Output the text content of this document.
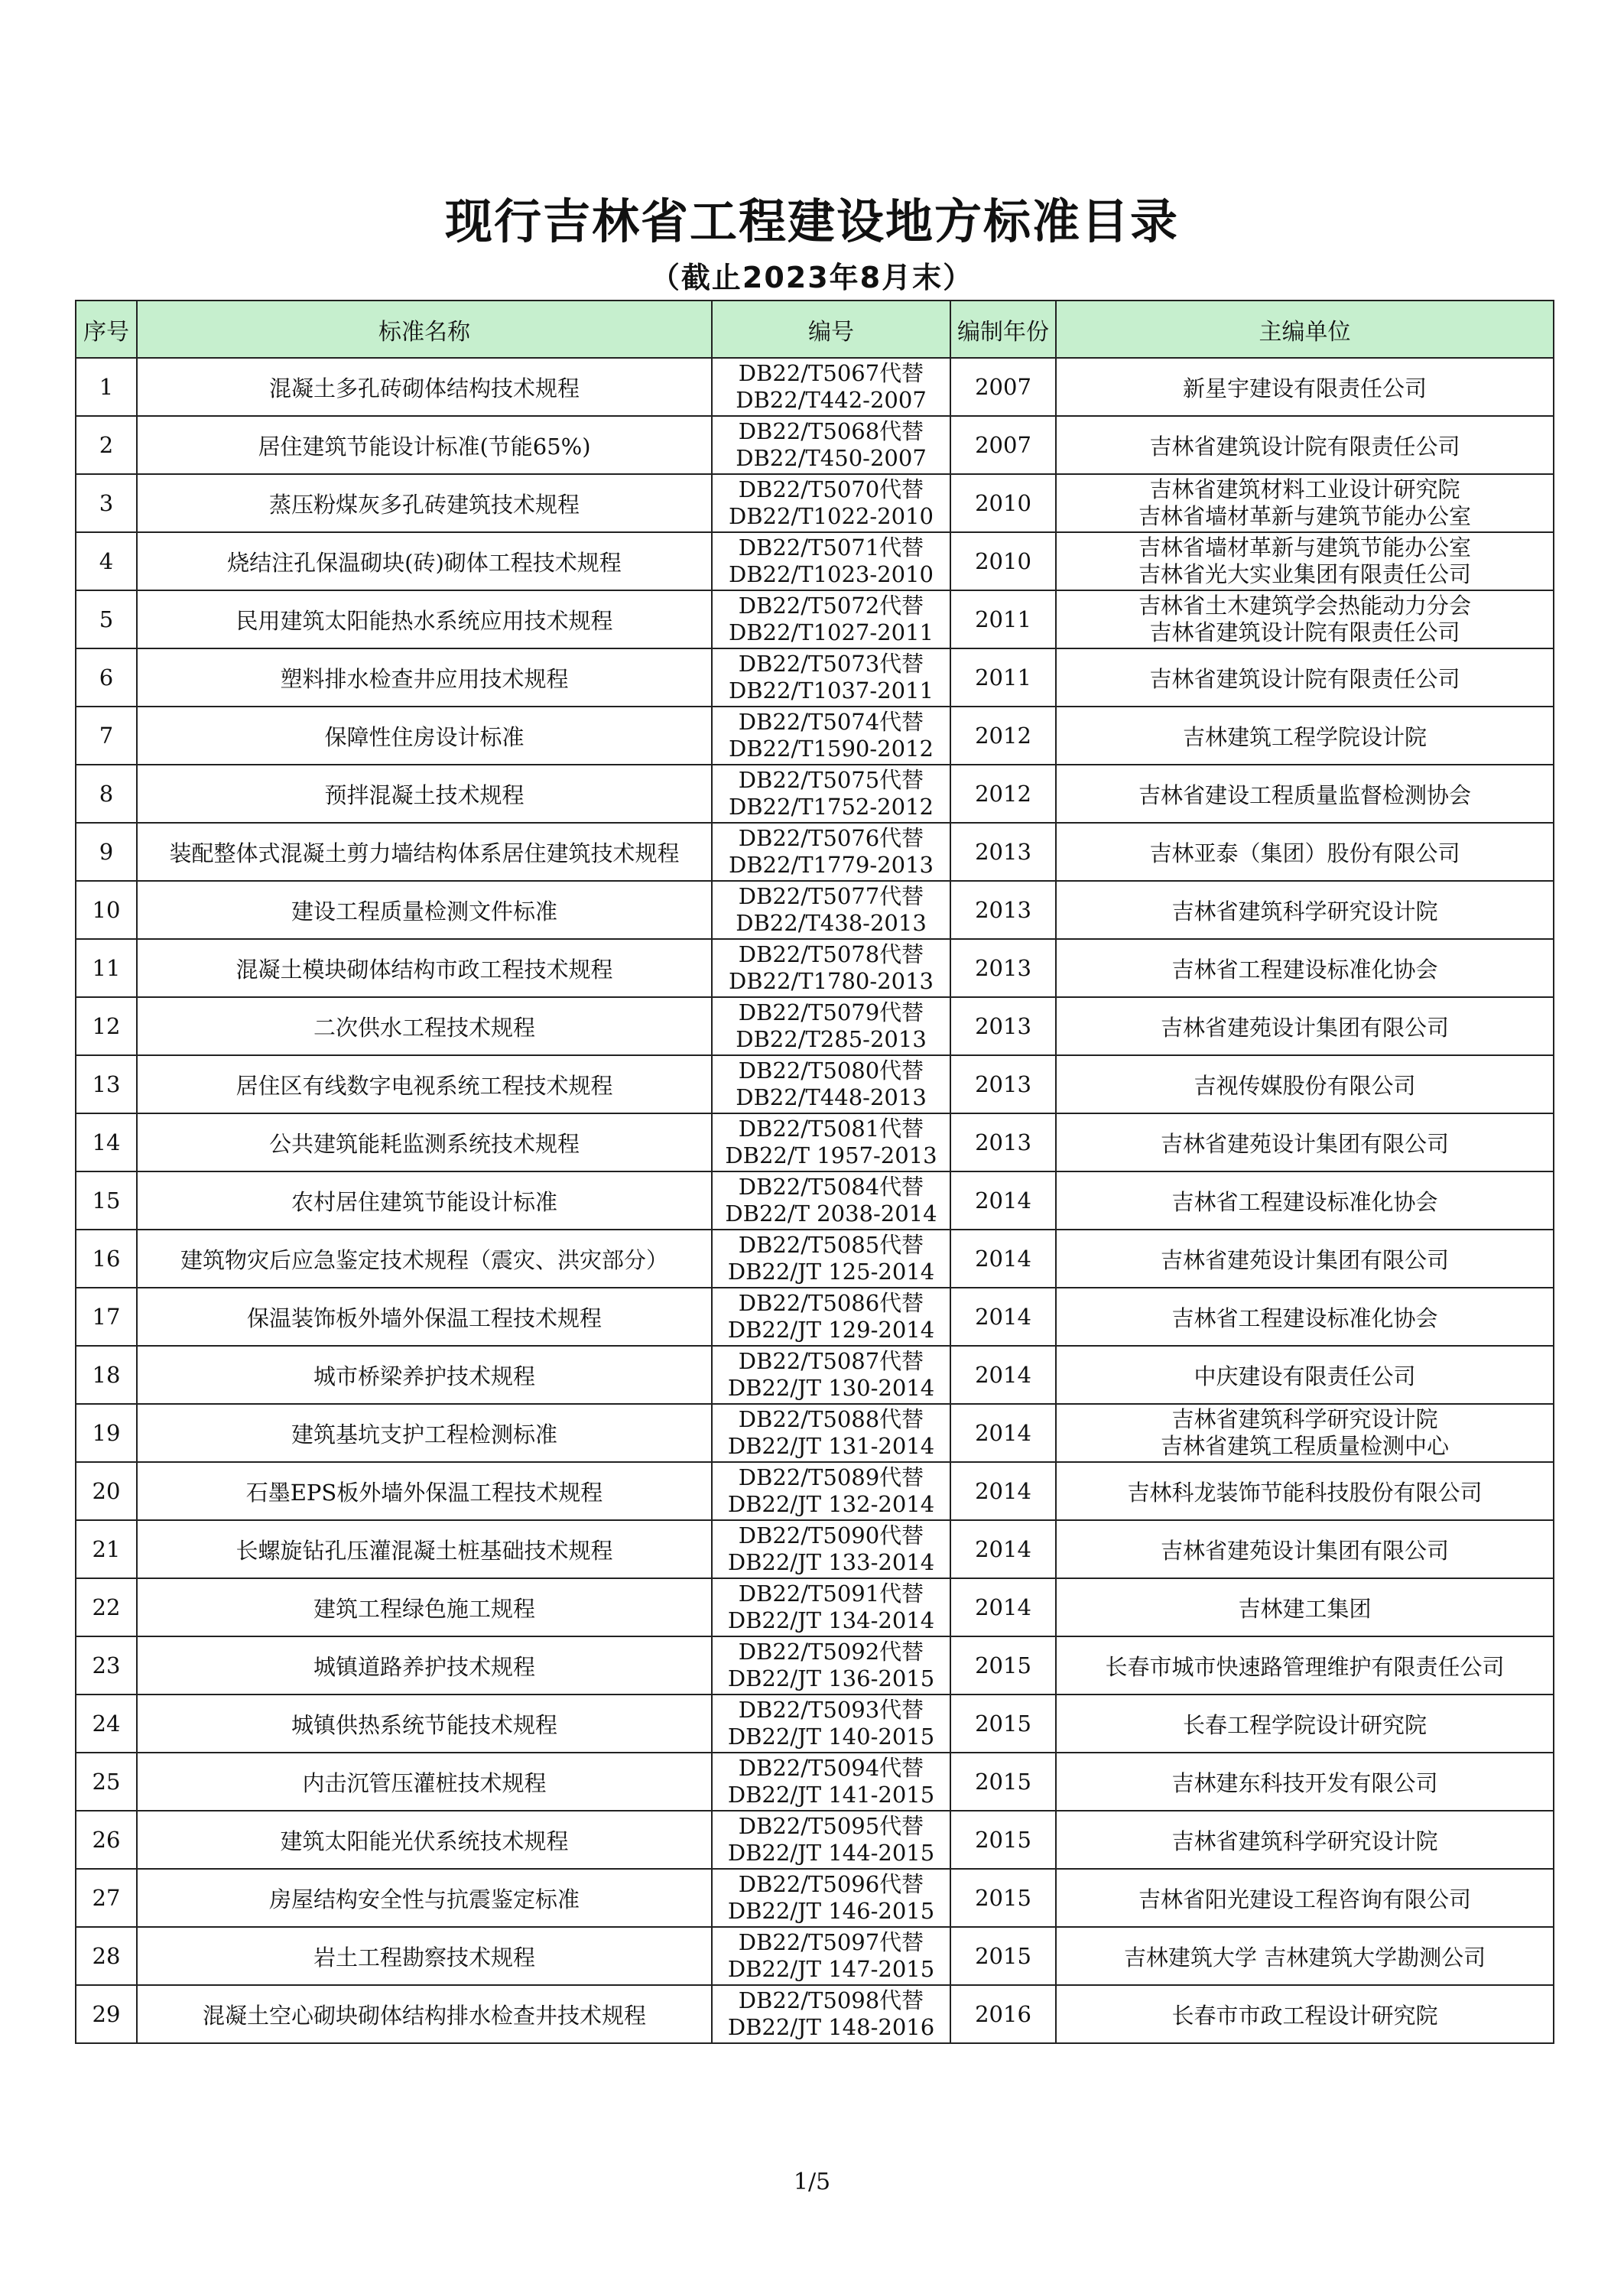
现行吉林省工程建设地方标准目录
（截止2023年8月末）
序号	标准名称	编号	编制年份	主编单位
1	混凝土多孔砖砌体结构技术规程	DB22/T5067代替
DB22/T442-2007	2007	新星宇建设有限责任公司

2	居住建筑节能设计标准(节能65%)	DB22/T5068代替
DB22/T450-2007	2007	吉林省建筑设计院有限责任公司

3	蒸压粉煤灰多孔砖建筑技术规程	DB22/T5070代替
DB22/T1022-2010	2010	吉林省建筑材料工业设计研究院
吉林省墙材革新与建筑节能办公室

4	烧结注孔保温砌块(砖)砌体工程技术规程	DB22/T5071代替
DB22/T1023-2010	2010	吉林省墙材革新与建筑节能办公室
吉林省光大实业集团有限责任公司

5	民用建筑太阳能热水系统应用技术规程	DB22/T5072代替
DB22/T1027-2011	2011	吉林省土木建筑学会热能动力分会
吉林省建筑设计院有限责任公司

6	塑料排水检查井应用技术规程	DB22/T5073代替
DB22/T1037-2011	2011	吉林省建筑设计院有限责任公司

7	保障性住房设计标准	DB22/T5074代替
DB22/T1590-2012	2012	吉林建筑工程学院设计院

8	预拌混凝土技术规程	DB22/T5075代替
DB22/T1752-2012	2012	吉林省建设工程质量监督检测协会

9	装配整体式混凝土剪力墙结构体系居住建筑技术规程	DB22/T5076代替
DB22/T1779-2013	2013	吉林亚泰（集团）股份有限公司

10	建设工程质量检测文件标准	DB22/T5077代替
DB22/T438-2013	2013	吉林省建筑科学研究设计院

11	混凝土模块砌体结构市政工程技术规程	DB22/T5078代替
DB22/T1780-2013	2013	吉林省工程建设标准化协会

12	二次供水工程技术规程	DB22/T5079代替
DB22/T285-2013	2013	吉林省建苑设计集团有限公司

13	居住区有线数字电视系统工程技术规程	DB22/T5080代替
DB22/T448-2013	2013	吉视传媒股份有限公司

14	公共建筑能耗监测系统技术规程	DB22/T5081代替
DB22/T 1957-2013	2013	吉林省建苑设计集团有限公司

15	农村居住建筑节能设计标准	DB22/T5084代替
DB22/T 2038-2014	2014	吉林省工程建设标准化协会

16	建筑物灾后应急鉴定技术规程（震灾、洪灾部分）	DB22/T5085代替
DB22/JT 125-2014	2014	吉林省建苑设计集团有限公司

17	保温装饰板外墙外保温工程技术规程	DB22/T5086代替
DB22/JT 129-2014	2014	吉林省工程建设标准化协会

18	城市桥梁养护技术规程	DB22/T5087代替
DB22/JT 130-2014	2014	中庆建设有限责任公司

19	建筑基坑支护工程检测标准	DB22/T5088代替
DB22/JT 131-2014	2014	吉林省建筑科学研究设计院
吉林省建筑工程质量检测中心

20	石墨EPS板外墙外保温工程技术规程	DB22/T5089代替
DB22/JT 132-2014	2014	吉林科龙装饰节能科技股份有限公司

21	长螺旋钻孔压灌混凝土桩基础技术规程	DB22/T5090代替
DB22/JT 133-2014	2014	吉林省建苑设计集团有限公司

22	建筑工程绿色施工规程	DB22/T5091代替
DB22/JT 134-2014	2014	吉林建工集团

23	城镇道路养护技术规程	DB22/T5092代替
DB22/JT 136-2015	2015	长春市城市快速路管理维护有限责任公司

24	城镇供热系统节能技术规程	DB22/T5093代替
DB22/JT 140-2015	2015	长春工程学院设计研究院

25	内击沉管压灌桩技术规程	DB22/T5094代替
DB22/JT 141-2015	2015	吉林建东科技开发有限公司

26	建筑太阳能光伏系统技术规程	DB22/T5095代替
DB22/JT 144-2015	2015	吉林省建筑科学研究设计院

27	房屋结构安全性与抗震鉴定标准	DB22/T5096代替
DB22/JT 146-2015	2015	吉林省阳光建设工程咨询有限公司

28	岩土工程勘察技术规程	DB22/T5097代替
DB22/JT 147-2015	2015	吉林建筑大学 吉林建筑大学勘测公司

29	混凝土空心砌块砌体结构排水检查井技术规程	DB22/T5098代替
DB22/JT 148-2016	2016	长春市市政工程设计研究院
1/5
